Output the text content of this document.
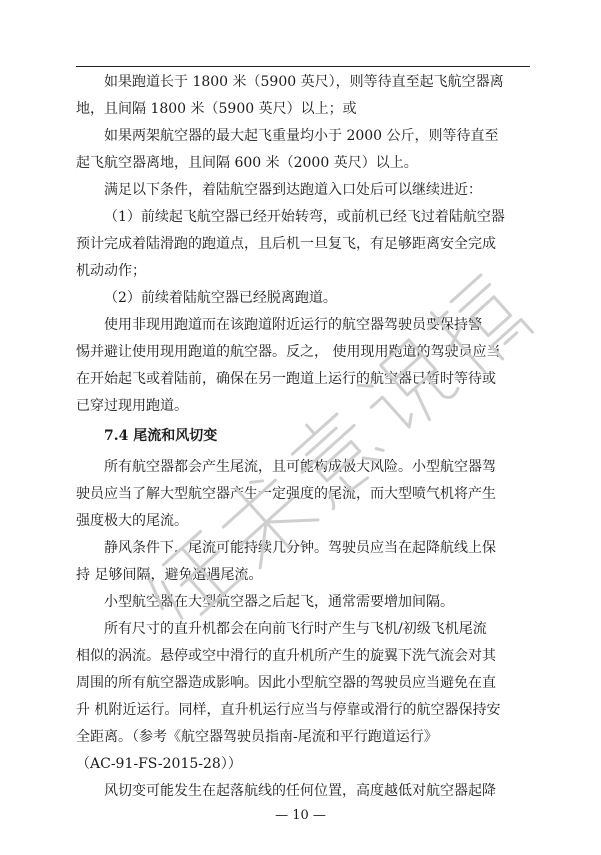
如果跑道长于 1800 米（5900 英尺），则等待直至起飞航空器离
地，且间隔 1800 米（5900 英尺）以上；或
如果两架航空器的最大起飞重量均小于 2000 公斤，则等待直至
起飞航空器离地，且间隔 600 米（2000 英尺）以上。
满足以下条件，着陆航空器到达跑道入口处后可以继续进近：
（1）前续起飞航空器已经开始转弯，或前机已经飞过着陆航空器
预计完成着陆滑跑的跑道点，且后机一旦复飞，有足够距离安全完成
机动动作；
（2）前续着陆航空器已经脱离跑道。
使用非现用跑道而在该跑道附近运行的航空器驾驶员要保持警
惕并避让使用现用跑道的航空器。反之， 使用现用跑道的驾驶员应当
在开始起飞或着陆前，确保在另一跑道上运行的航空器已暂时等待或
已穿过现用跑道。
7.4 尾流和风切变
所有航空器都会产生尾流，且可能构成极大风险。小型航空器驾
驶员应当了解大型航空器产生一定强度的尾流，而大型喷气机将产生
强度极大的尾流。
静风条件下，尾流可能持续几分钟。驾驶员应当在起降航线上保
持 足够间隔，避免遭遇尾流。
小型航空器在大型航空器之后起飞，通常需要增加间隔。
所有尺寸的直升机都会在向前飞行时产生与飞机/初级飞机尾流
相似的涡流。悬停或空中滑行的直升机所产生的旋翼下洗气流会对其
周围的所有航空器造成影响。因此小型航空器的驾驶员应当避免在直
升 机附近运行。同样，直升机运行应当与停靠或滑行的航空器保持安
全距离。（参考《航空器驾驶员指南-尾流和平行跑道运行》
（AC-91-FS-2015-28））
风切变可能发生在起落航线的任何位置，高度越低对航空器起降
— 10 —
